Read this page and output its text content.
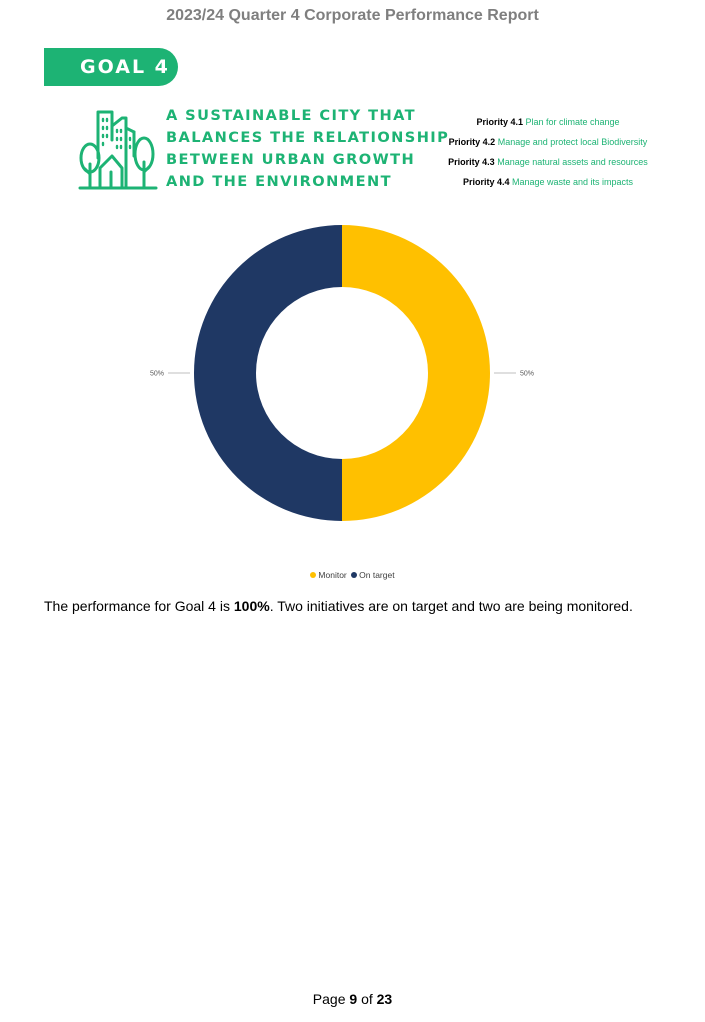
2023/24 Quarter 4 Corporate Performance Report
GOAL 4
A SUSTAINABLE CITY THAT
BALANCES THE RELATIONSHIP
BETWEEN URBAN GROWTH
AND THE ENVIRONMENT
Priority 4.1 Plan for climate change
Priority 4.2 Manage and protect local Biodiversity
Priority 4.3 Manage natural assets and resources
Priority 4.4 Manage waste and its impacts
50%
50%
Monitor On target
The performance for Goal 4 is 100%. Two initiatives are on target and two are being monitored.
Page 9 of 23
